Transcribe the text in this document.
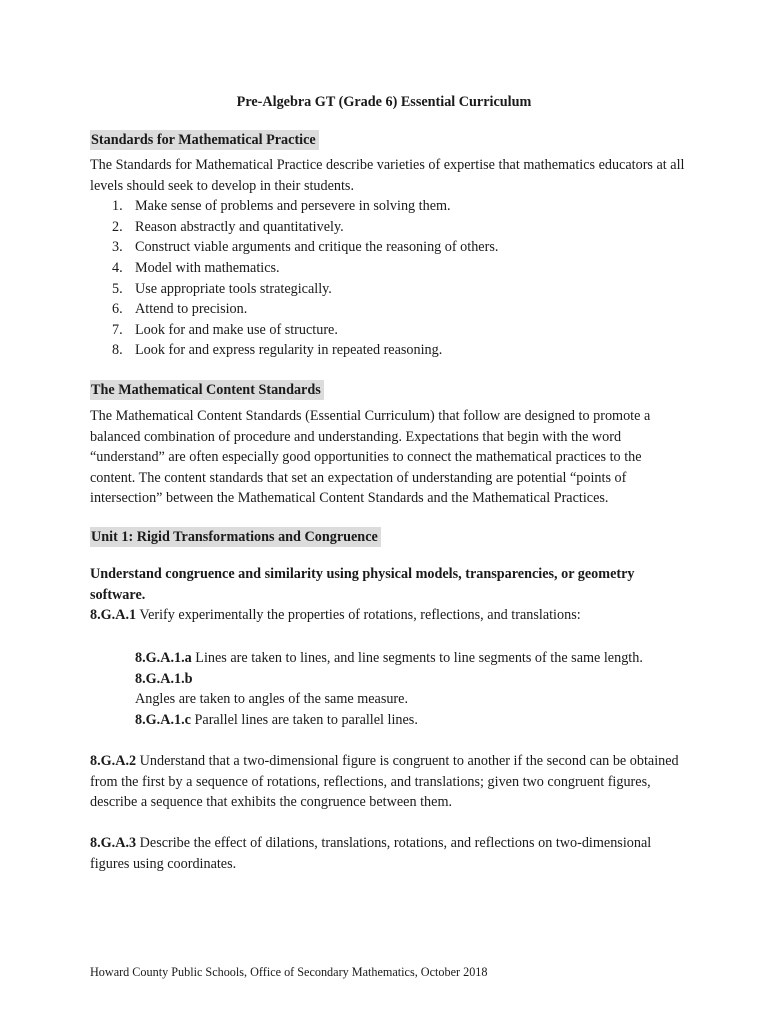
Pre-Algebra GT (Grade 6) Essential Curriculum
Standards for Mathematical Practice

The Standards for Mathematical Practice describe varieties of expertise that mathematics educators at all levels should seek to develop in their students.

1. Make sense of problems and persevere in solving them.
2. Reason abstractly and quantitatively.
3. Construct viable arguments and critique the reasoning of others.
4. Model with mathematics.
5. Use appropriate tools strategically.
6. Attend to precision.
7. Look for and make use of structure.
8. Look for and express regularity in repeated reasoning.
The Mathematical Content Standards

The Mathematical Content Standards (Essential Curriculum) that follow are designed to promote a balanced combination of procedure and understanding. Expectations that begin with the word “understand” are often especially good opportunities to connect the mathematical practices to the content. The content standards that set an expectation of understanding are potential “points of intersection” between the Mathematical Content Standards and the Mathematical Practices.

Unit 1: Rigid Transformations and Congruence

Understand congruence and similarity using physical models, transparencies, or geometry software.

8.G.A.1 Verify experimentally the properties of rotations, reflections, and translations:

8.G.A.1.a Lines are taken to lines, and line segments to line segments of the same length.

8.G.A.1.b

Angles are taken to angles of the same measure.

8.G.A.1.c Parallel lines are taken to parallel lines.

8.G.A.2 Understand that a two-dimensional figure is congruent to another if the second can be obtained from the first by a sequence of rotations, reflections, and translations; given two congruent figures, describe a sequence that exhibits the congruence between them.

8.G.A.3 Describe the effect of dilations, translations, rotations, and reflections on two-dimensional figures using coordinates.

Howard County Public Schools, Office of Secondary Mathematics, October 2018
